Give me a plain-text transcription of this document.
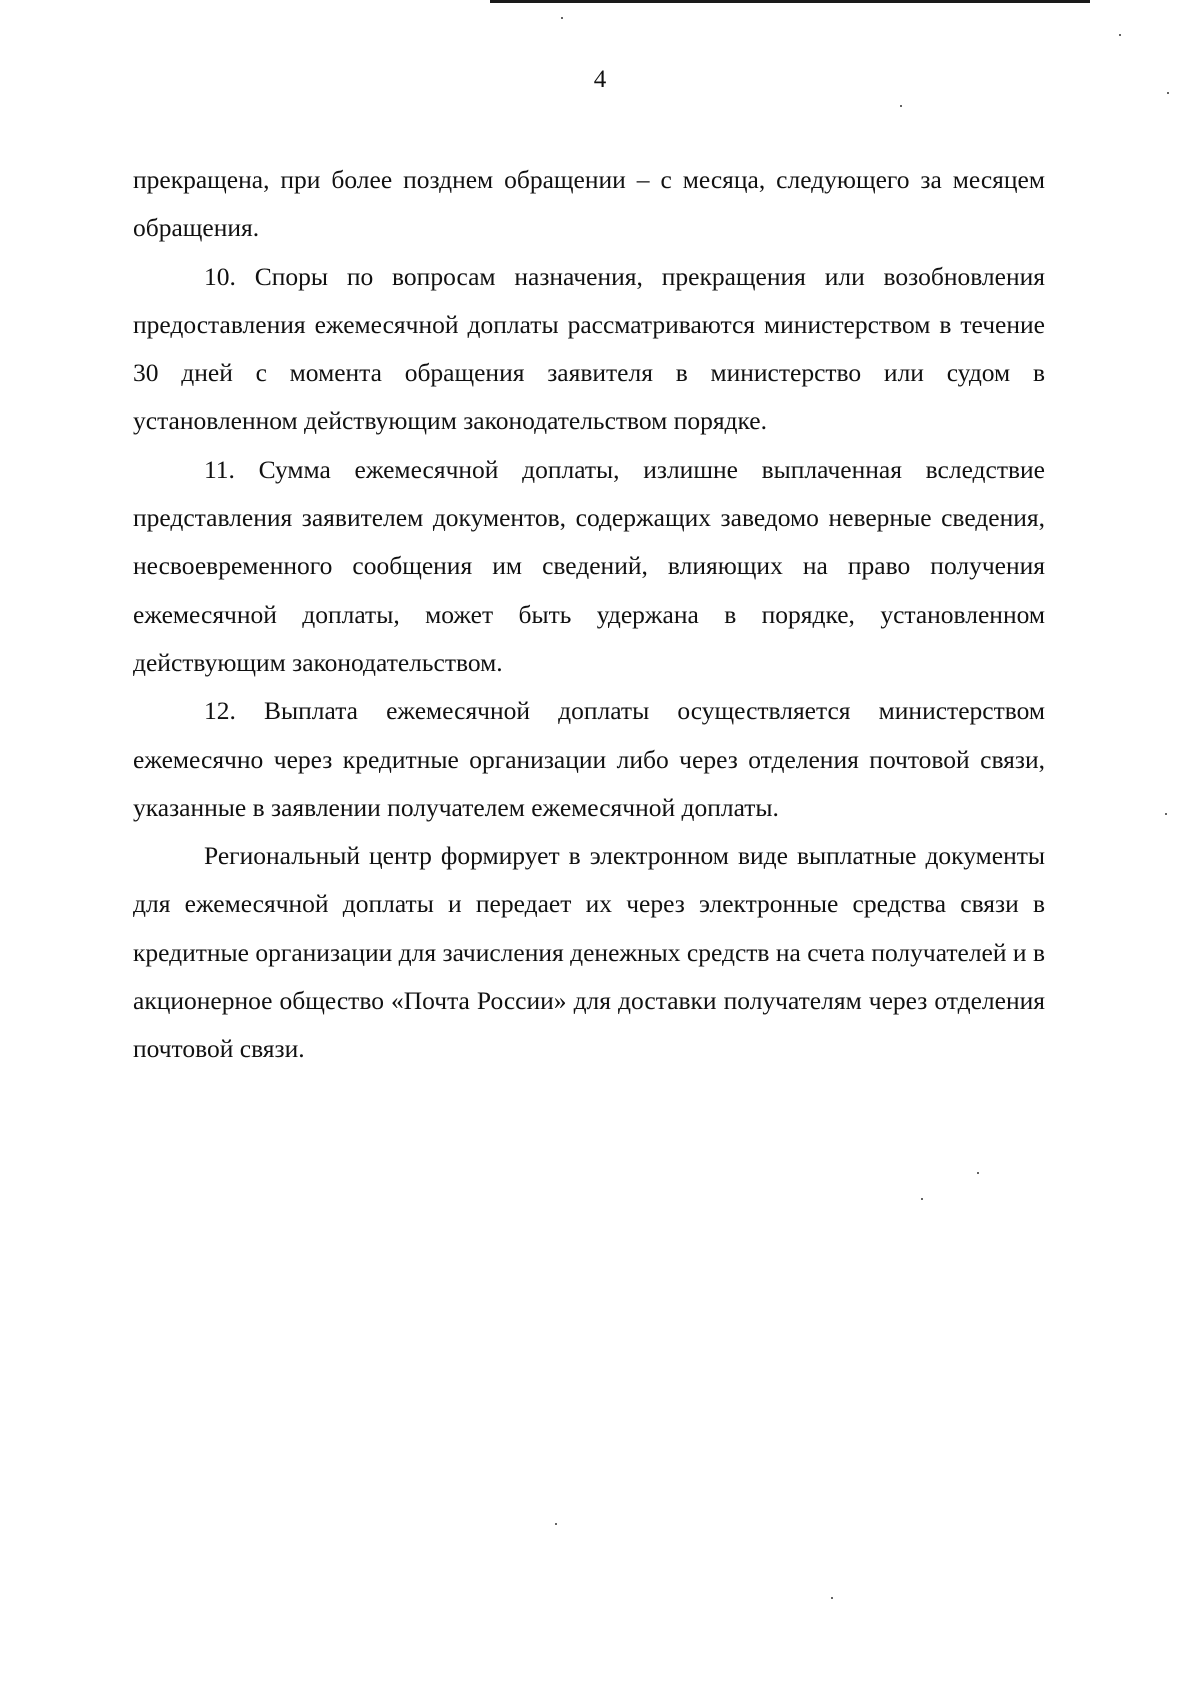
4

прекращена, при более позднем обращении – с месяца, следующего за месяцем обращения.

10. Споры по вопросам назначения, прекращения или возобновления предоставления ежемесячной доплаты рассматриваются министерством в течение 30 дней с момента обращения заявителя в министерство или судом в установленном действующим законодательством порядке.

11. Сумма ежемесячной доплаты, излишне выплаченная вследствие представления заявителем документов, содержащих заведомо неверные сведения, несвоевременного сообщения им сведений, влияющих на право получения ежемесячной доплаты, может быть удержана в порядке, установленном действующим законодательством.

12. Выплата ежемесячной доплаты осуществляется министерством ежемесячно через кредитные организации либо через отделения почтовой связи, указанные в заявлении получателем ежемесячной доплаты.

Региональный центр формирует в электронном виде выплатные документы для ежемесячной доплаты и передает их через электронные средства связи в кредитные организации для зачисления денежных средств на счета получателей и в акционерное общество «Почта России» для доставки получателям через отделения почтовой связи.
